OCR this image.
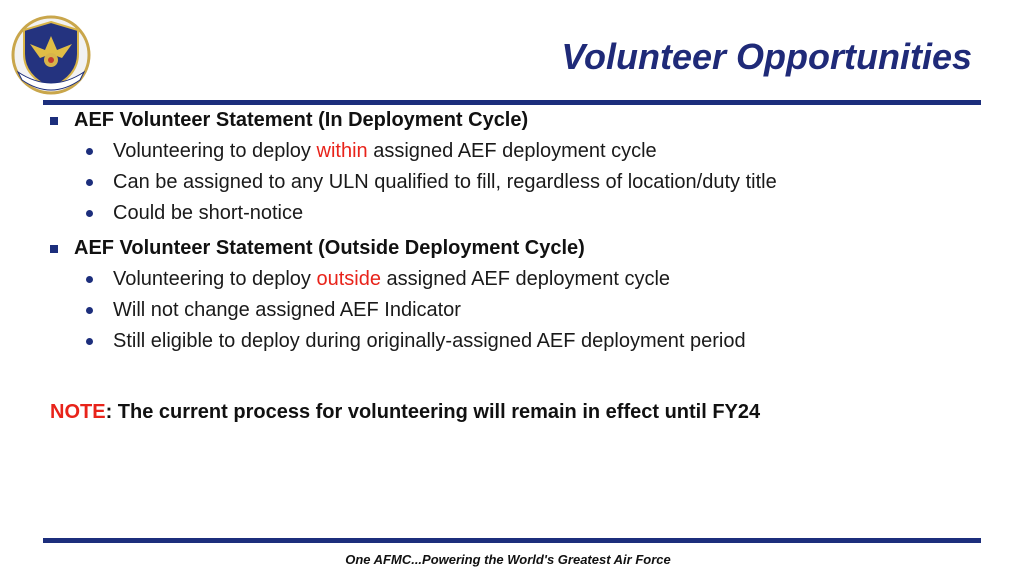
Volunteer Opportunities
AEF Volunteer Statement (In Deployment Cycle)
Volunteering to deploy within assigned AEF deployment cycle
Can be assigned to any ULN qualified to fill, regardless of location/duty title
Could be short-notice
AEF Volunteer Statement (Outside Deployment Cycle)
Volunteering to deploy outside assigned AEF deployment cycle
Will not change assigned AEF Indicator
Still eligible to deploy during originally-assigned AEF deployment period
NOTE: The current process for volunteering will remain in effect until FY24
One AFMC...Powering the World's Greatest Air Force
